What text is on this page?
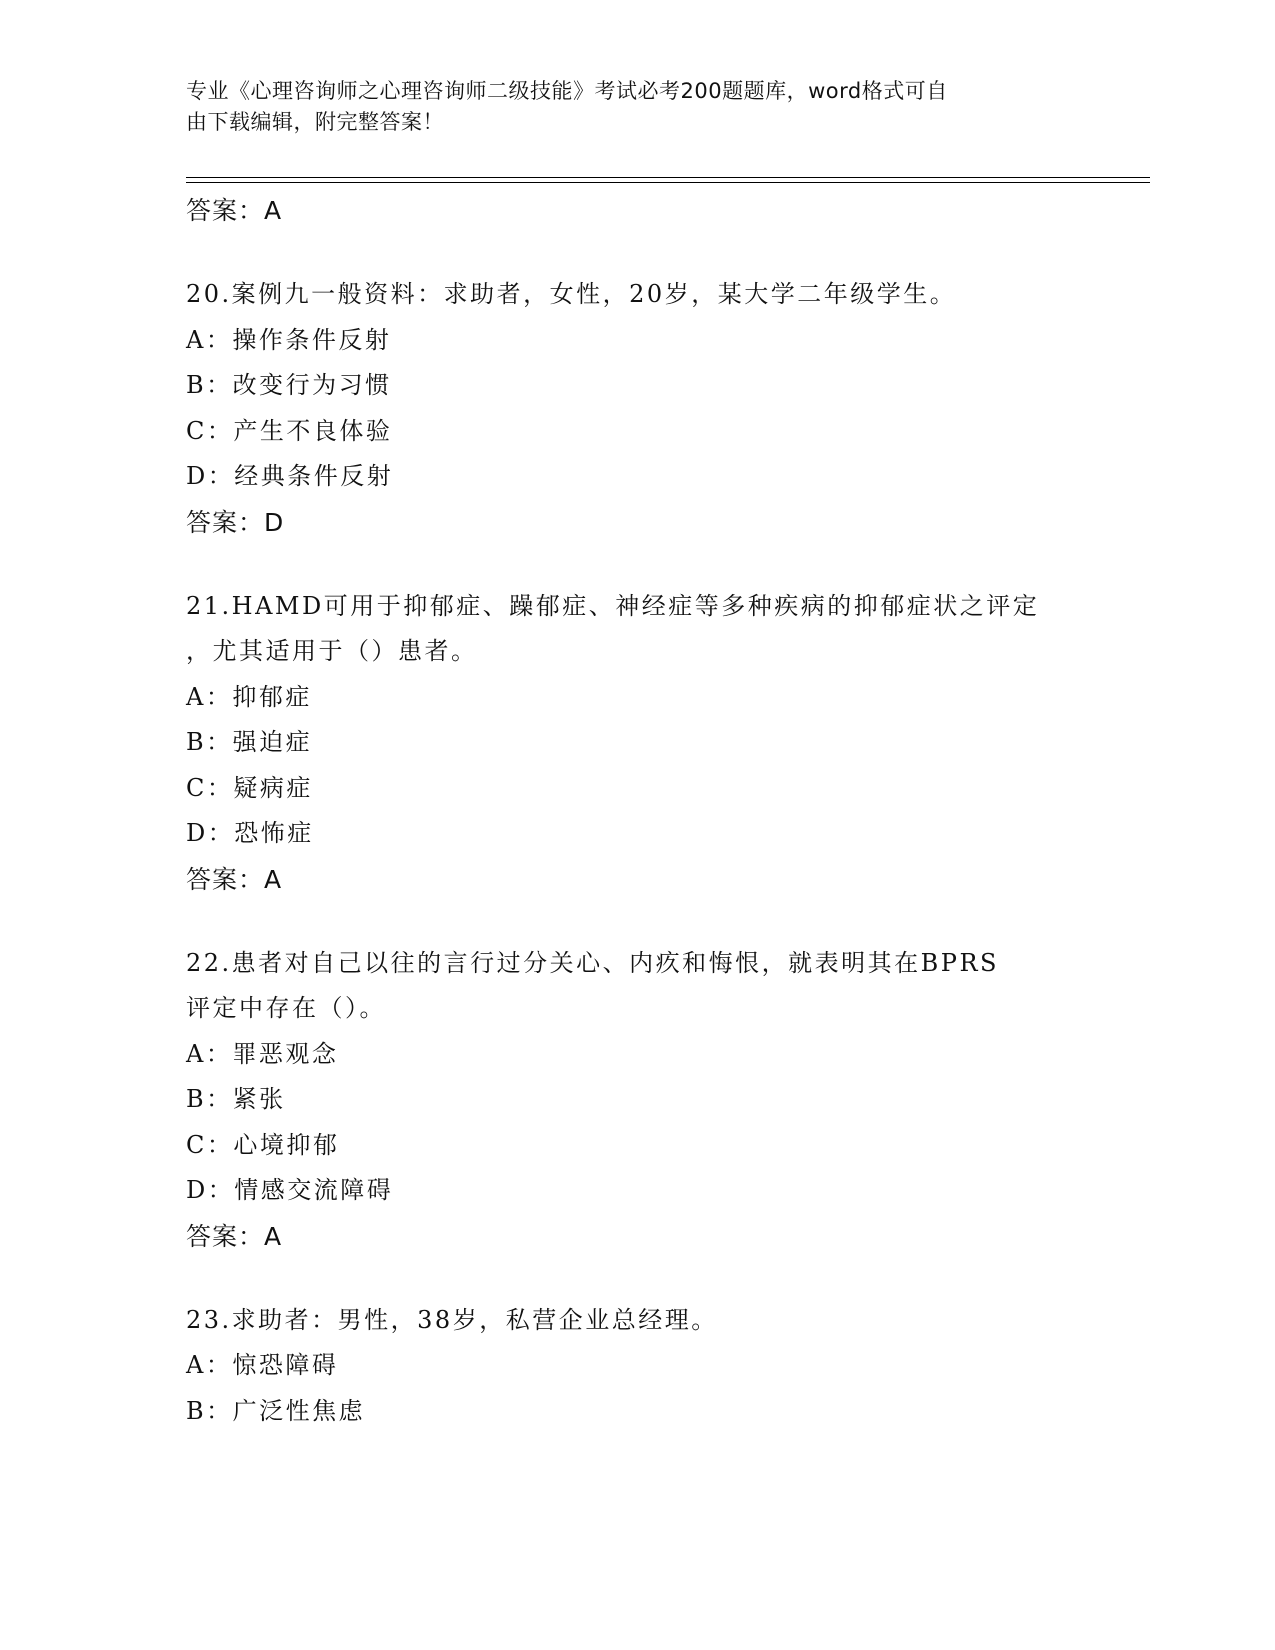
专业《心理咨询师之心理咨询师二级技能》考试必考200题题库，word格式可自
由下载编辑，附完整答案！
答案：A
20.案例九一般资料：求助者，女性，20岁，某大学二年级学生。
A：操作条件反射
B：改变行为习惯
C：产生不良体验
D：经典条件反射
答案：D
21.HAMD可用于抑郁症、躁郁症、神经症等多种疾病的抑郁症状之评定
，尤其适用于（）患者。
A：抑郁症
B：强迫症
C：疑病症
D：恐怖症
答案：A
22.患者对自己以往的言行过分关心、内疚和悔恨，就表明其在BPRS
评定中存在（）。
A：罪恶观念
B：紧张
C：心境抑郁
D：情感交流障碍
答案：A
23.求助者：男性，38岁，私营企业总经理。
A：惊恐障碍
B：广泛性焦虑
